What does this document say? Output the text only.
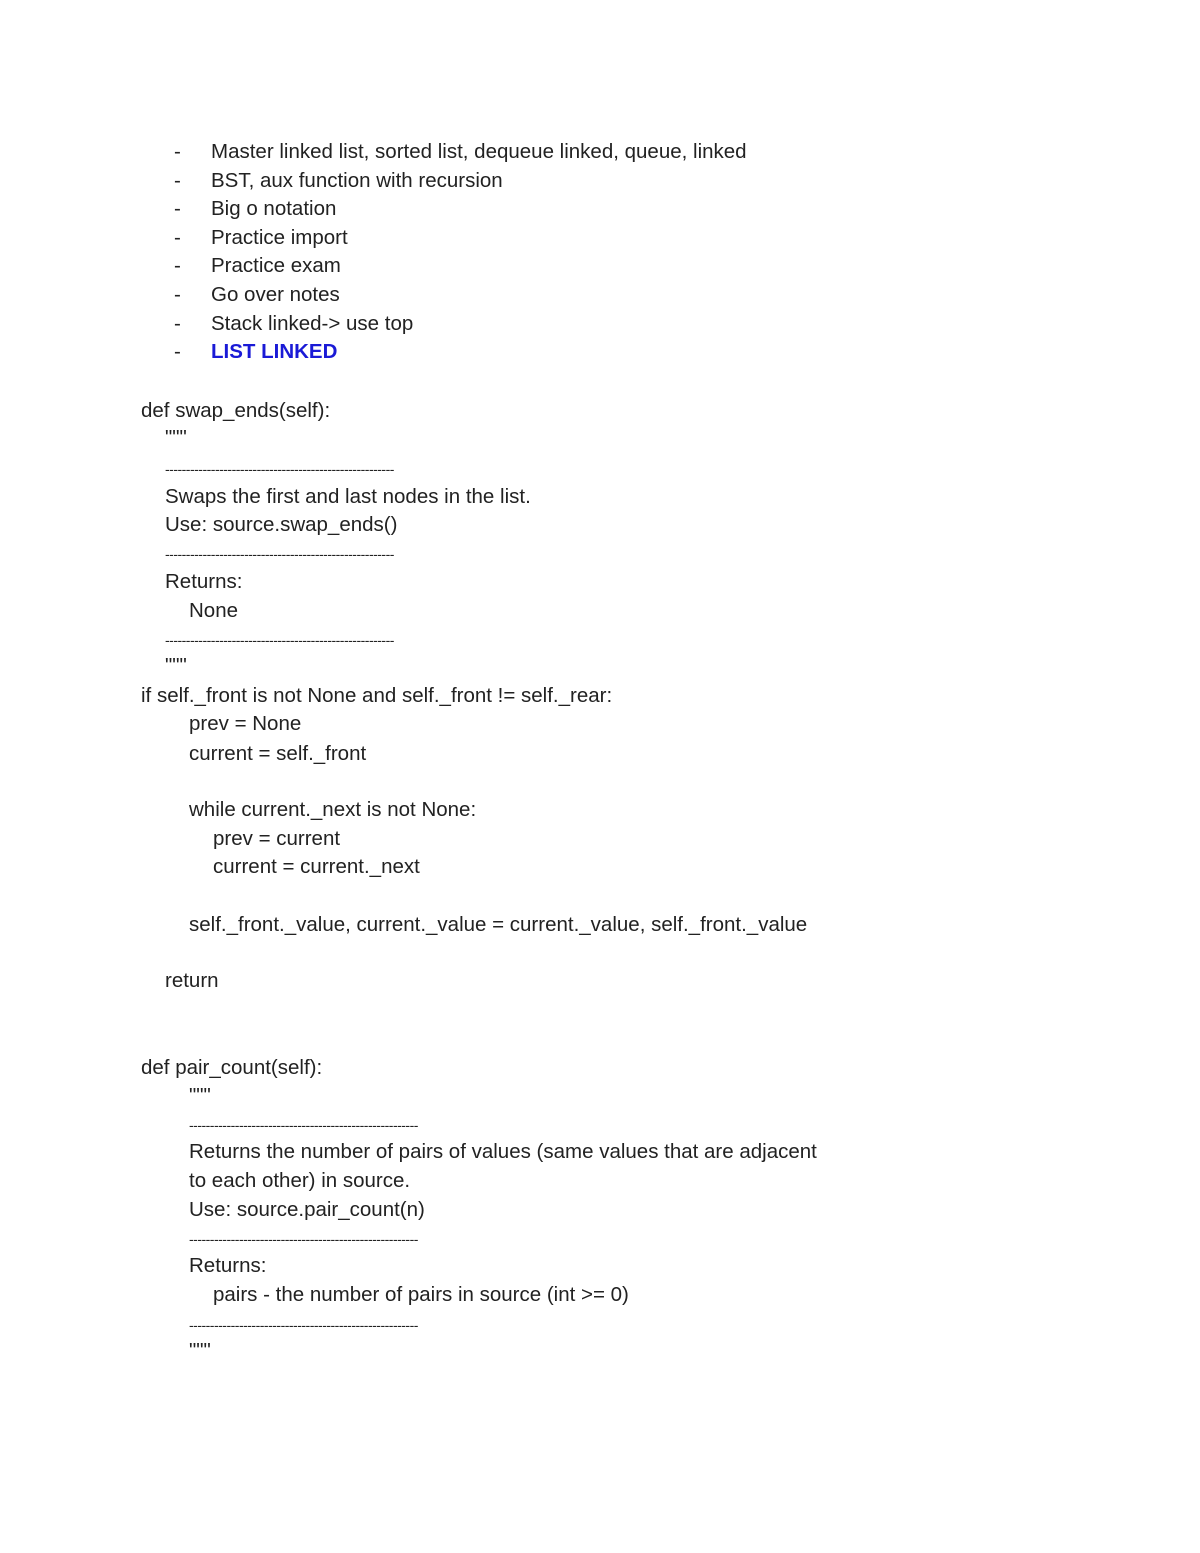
- Master linked list, sorted list, dequeue linked, queue, linked
- BST, aux function with recursion
- Big o notation
- Practice import
- Practice exam
- Go over notes
- Stack linked-> use top
- LIST LINKED
def swap_ends(self):
"""
-------------------------------------------------------
Swaps the first and last nodes in the list.
Use: source.swap_ends()
-------------------------------------------------------
Returns:
None
-------------------------------------------------------
"""
if self._front is not None and self._front != self._rear:
prev = None
current = self._front
while current._next is not None:
prev = current
current = current._next
self._front._value, current._value = current._value, self._front._value
return
def pair_count(self):
"""
-------------------------------------------------------
Returns the number of pairs of values (same values that are adjacent
to each other) in source.
Use: source.pair_count(n)
-------------------------------------------------------
Returns:
pairs - the number of pairs in source (int >= 0)
-------------------------------------------------------
"""
